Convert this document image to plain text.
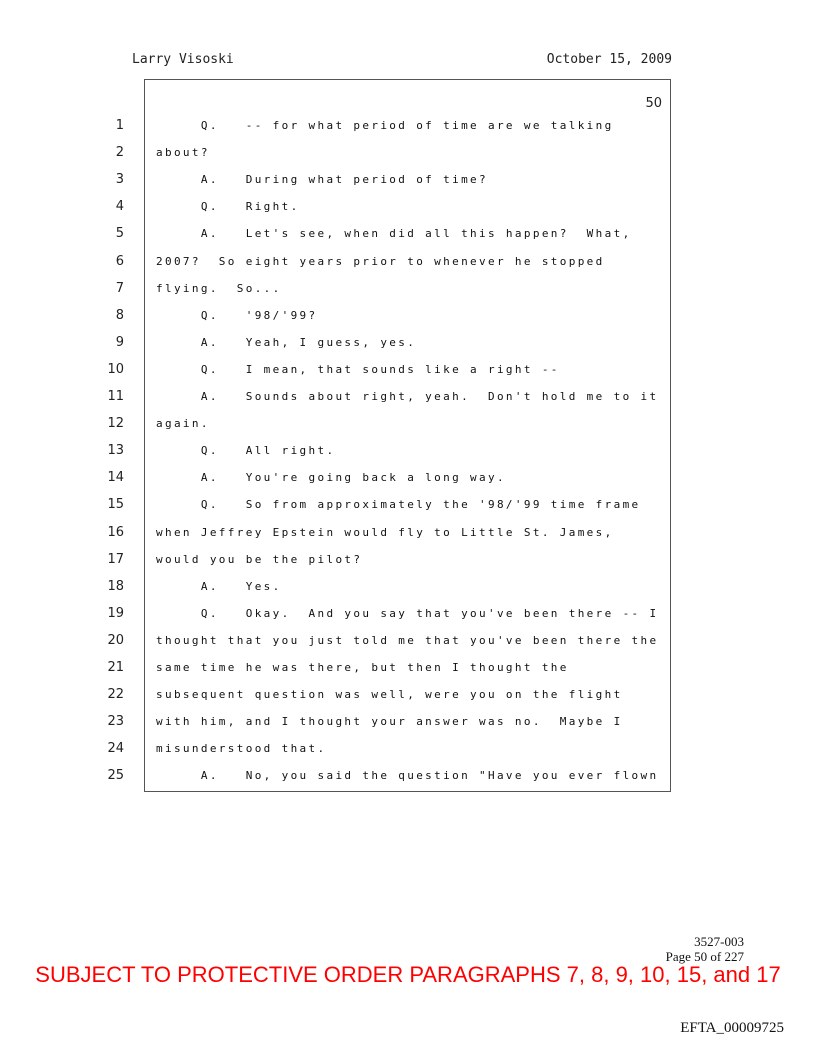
Larry Visoski	October 15, 2009
50
1	Q.   -- for what period of time are we talking
2	about?
3	A.   During what period of time?
4	Q.   Right.
5	A.   Let's see, when did all this happen?  What,
6	2007?  So eight years prior to whenever he stopped
7	flying.  So...
8	Q.   '98/'99?
9	A.   Yeah, I guess, yes.
10	Q.   I mean, that sounds like a right --
11	A.   Sounds about right, yeah.  Don't hold me to it
12	again.
13	Q.   All right.
14	A.   You're going back a long way.
15	Q.   So from approximately the '98/'99 time frame
16	when Jeffrey Epstein would fly to Little St. James,
17	would you be the pilot?
18	A.   Yes.
19	Q.   Okay.  And you say that you've been there -- I
20	thought that you just told me that you've been there the
21	same time he was there, but then I thought the
22	subsequent question was well, were you on the flight
23	with him, and I thought your answer was no.  Maybe I
24	misunderstood that.
25	A.   No, you said the question "Have you ever flown
3527-003
Page 50 of 227
SUBJECT TO PROTECTIVE ORDER PARAGRAPHS 7, 8, 9, 10, 15, and 17
EFTA_00009725
